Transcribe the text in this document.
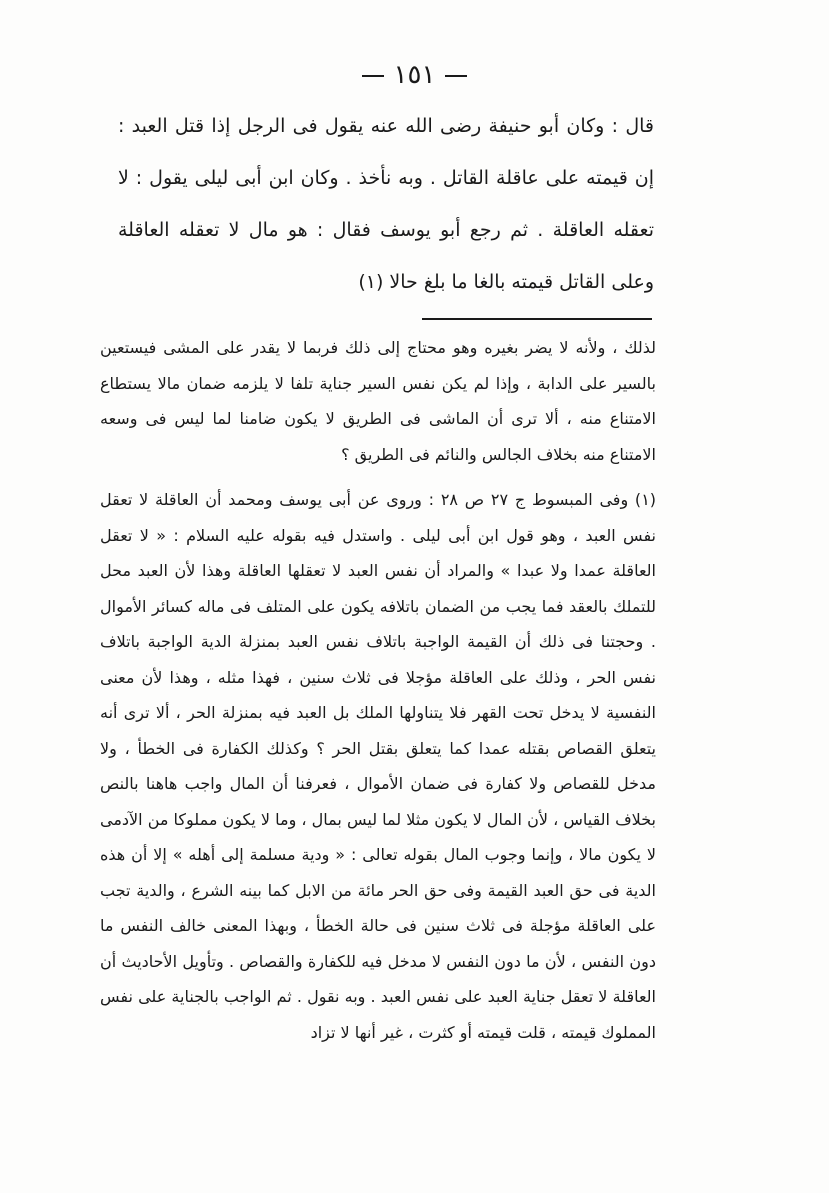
١٥١

قال : وكان أبو حنيفة رضى الله عنه يقول فى الرجل إذا قتل العبد : إن قيمته على عاقلة القاتل . وبه نأخذ . وكان ابن أبى ليلى يقول : لا تعقله العاقلة . ثم رجع أبو يوسف فقال : هو مال لا تعقله العاقلة وعلى القاتل قيمته بالغا ما بلغ حالا (١)

لذلك ، ولأنه لا يضر بغيره وهو محتاج إلى ذلك فربما لا يقدر على المشى فيستعين بالسير على الدابة ، وإذا لم يكن نفس السير جناية تلفا لا يلزمه ضمان مالا يستطاع الامتناع منه ، ألا ترى أن الماشى فى الطريق لا يكون ضامنا لما ليس فى وسعه الامتناع منه بخلاف الجالس والنائم فى الطريق ؟

(١) وفى المبسوط ج ٢٧ ص ٢٨ : وروى عن أبى يوسف ومحمد أن العاقلة لا تعقل نفس العبد ، وهو قول ابن أبى ليلى . واستدل فيه بقوله عليه السلام : « لا تعقل العاقلة عمدا ولا عبدا » والمراد أن نفس العبد لا تعقلها العاقلة وهذا لأن العبد محل للتملك بالعقد فما يجب من الضمان باتلافه يكون على المتلف فى ماله كسائر الأموال . وحجتنا فى ذلك أن القيمة الواجبة باتلاف نفس العبد بمنزلة الدية الواجبة باتلاف نفس الحر ، وذلك على العاقلة مؤجلا فى ثلاث سنين ، فهذا مثله ، وهذا لأن معنى النفسية لا يدخل تحت القهر فلا يتناولها الملك بل العبد فيه بمنزلة الحر ، ألا ترى أنه يتعلق القصاص بقتله عمدا كما يتعلق بقتل الحر ؟ وكذلك الكفارة فى الخطأ ، ولا مدخل للقصاص ولا كفارة فى ضمان الأموال ، فعرفنا أن المال واجب هاهنا بالنص بخلاف القياس ، لأن المال لا يكون مثلا لما ليس بمال ، وما لا يكون مملوكا من الآدمى لا يكون مالا ، وإنما وجوب المال بقوله تعالى : « ودية مسلمة إلى أهله » إلا أن هذه الدية فى حق العبد القيمة وفى حق الحر مائة من الابل كما بينه الشرع ، والدية تجب على العاقلة مؤجلة فى ثلاث سنين فى حالة الخطأ ، وبهذا المعنى خالف النفس ما دون النفس ، لأن ما دون النفس لا مدخل فيه للكفارة والقصاص . وتأويل الأحاديث أن العاقلة لا تعقل جناية العبد على نفس العبد . وبه نقول . ثم الواجب بالجناية على نفس المملوك قيمته ، قلت قيمته أو كثرت ، غير أنها لا تزاد
